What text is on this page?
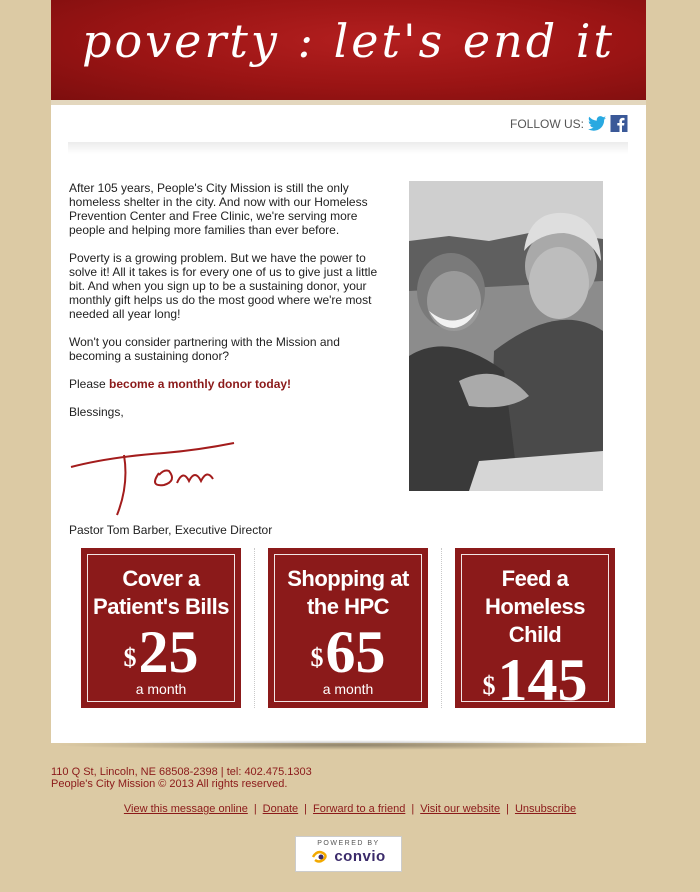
poverty : let's end it
FOLLOW US:

After 105 years, People's City Mission is still the only homeless shelter in the city. And now with our Homeless Prevention Center and Free Clinic, we're serving more people and helping more families than ever before.

Poverty is a growing problem. But we have the power to solve it! All it takes is for every one of us to give just a little bit. And when you sign up to be a sustaining donor, your monthly gift helps us do the most good where we're most needed all year long!

Won't you consider partnering with the Mission and becoming a sustaining donor?

Please become a monthly donor today!

Blessings,

Pastor Tom Barber, Executive Director
Cover a
Patient's Bills
$25
a month
Shopping at
the HPC
$65
a month
Feed a
Homeless Child
$145
a month
110 Q St, Lincoln, NE 68508-2398 | tel: 402.475.1303
People's City Mission © 2013 All rights reserved.
View this message online | Donate | Forward to a friend | Visit our website | Unsubscribe
POWERED BY
convio
